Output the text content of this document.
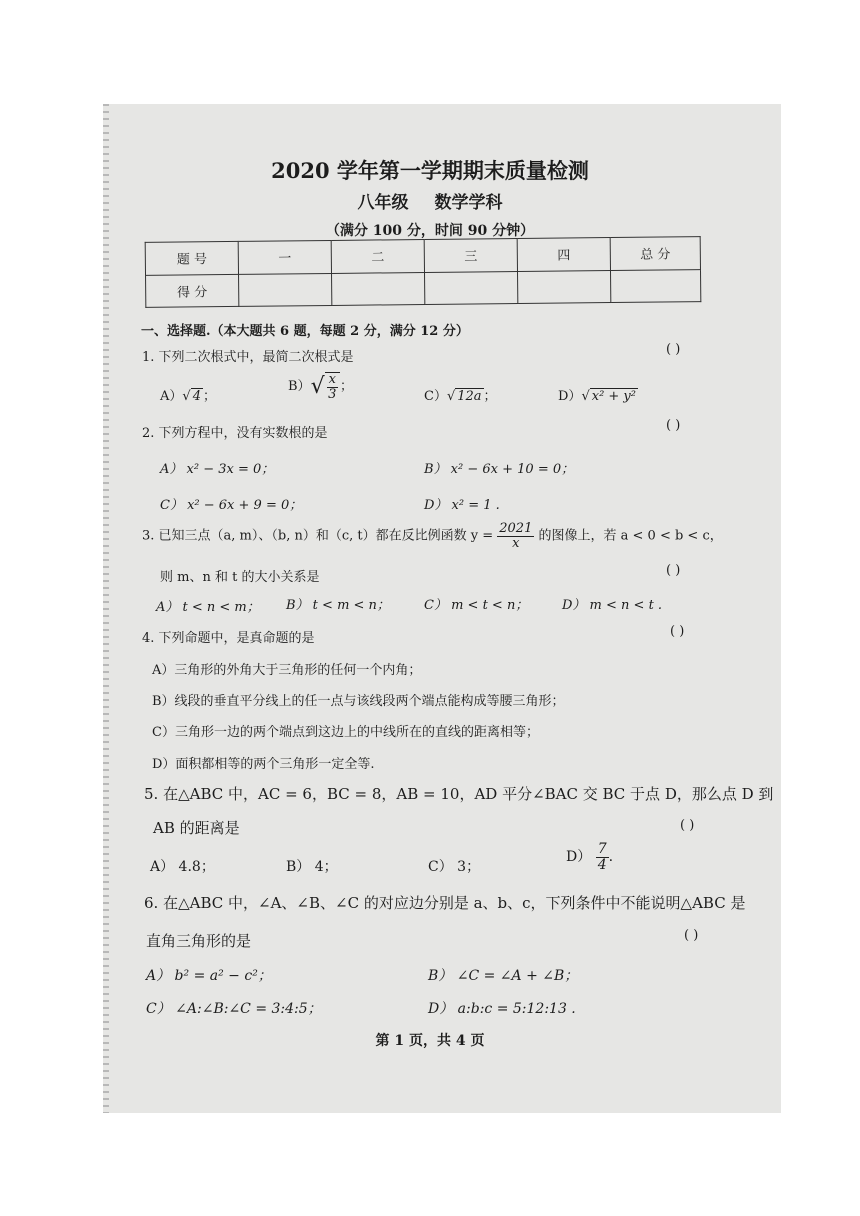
2020 学年第一学期期末质量检测
八年级 数学学科
（满分 100 分，时间 90 分钟）
题 号	一	二	三	四	总 分
得 分					
一、选择题.（本大题共 6 题，每题 2 分，满分 12 分）
1. 下列二次根式中，最简二次根式是
( )
A）√ 4 ；
$B)√ \frac{x}{3}$ ；
C）√ 12a ；	D）√ x² + y²
2. 下列方程中，没有实数根的是
( )
A） x² − 3x = 0；	B） x² − 6x + 10 = 0；
C） x² − 6x + 9 = 0；	D） x² = 1 .
3. 已知三点（a, m）、（b, n）和（c, t）都在反比例函数 $y = \frac{2021}{x}$ 的图像上，若 a < 0 < b < c，
则 m、n 和 t 的大小关系是	( )
A） t < n < m； B） t < m < n；	C） m < t < n；	D） m < n < t .
4. 下列命题中，是真命题的是	( )
A）三角形的外角大于三角形的任何一个内角；
B）线段的垂直平分线上的任一点与该线段两个端点能构成等腰三角形；
C）三角形一边的两个端点到这边上的中线所在的直线的距离相等；
D）面积都相等的两个三角形一定全等.
5. 在△ABC 中，AC = 6，BC = 8，AB = 10，AD 平分∠BAC 交 BC 于点 D，那么点 D 到
AB 的距离是	( )
A） 4.8；	B） 4；	C） 3；
$D) \frac{7}{4}$ .
6. 在△ABC 中，∠A、∠B、∠C 的对应边分别是 a、b、c，下列条件中不能说明△ABC 是
直角三角形的是	( )
A） b² = a² − c²；	B） ∠C = ∠A + ∠B；
C） ∠A:∠B:∠C = 3:4:5；	D） a:b:c = 5:12:13 .
第 1 页，共 4 页
